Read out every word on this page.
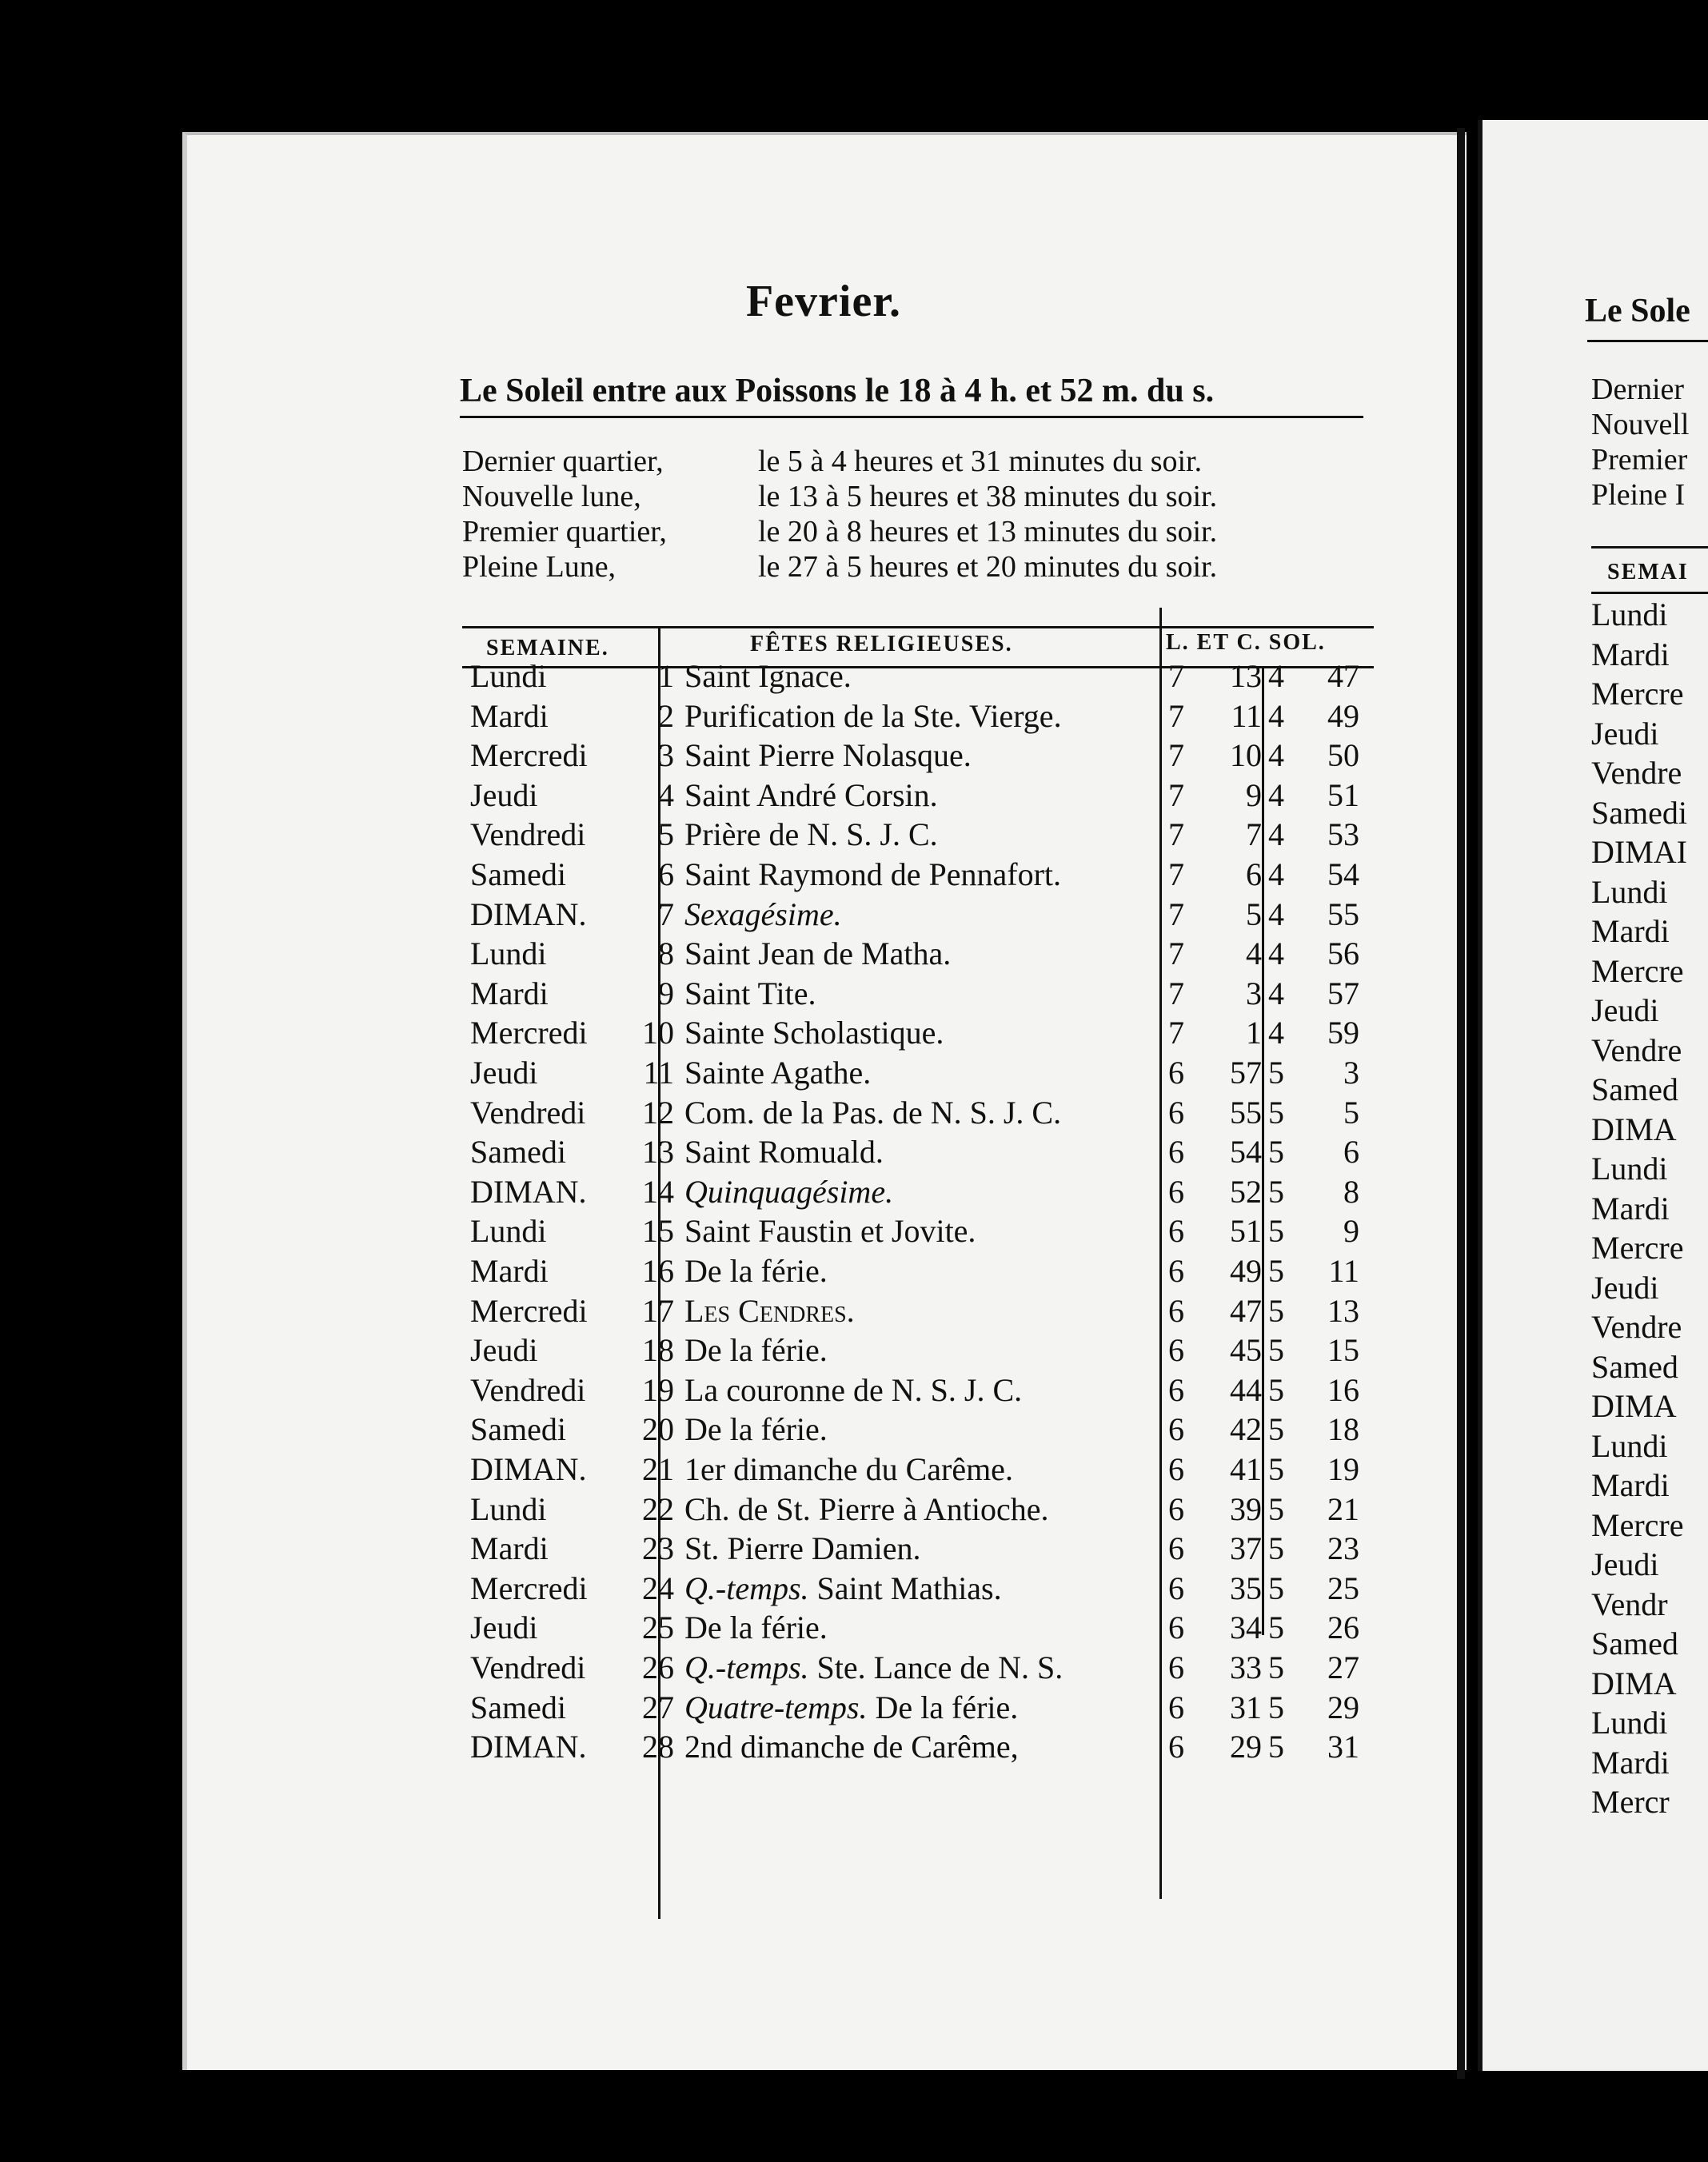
Fevrier.
Le Soleil entre aux Poissons le 18 à 4 h. et 52 m. du s.
Dernier quartier,	le 5 à 4 heures et 31 minutes du soir.
Nouvelle lune,	le 13 à 5 heures et 38 minutes du soir.
Premier quartier,	le 20 à 8 heures et 13 minutes du soir.
Pleine Lune,	le 27 à 5 heures et 20 minutes du soir.
SEMAINE.	FÊTES RELIGIEUSES.	L. ET C. SOL.
Lundi	1 Saint Ignace.	7	13 4	47
Mardi	2 Purification de la Ste. Vierge.	7	11 4	49
Mercredi	3 Saint Pierre Nolasque.	7	10 4	50
Jeudi	4 Saint André Corsin.	7	9 4	51
Vendredi	5 Prière de N. S. J. C.	7	7 4	53
Samedi	6 Saint Raymond de Pennafort.	7	6 4	54
DIMAN.	7 Sexagésime.	7	5 4	55
Lundi	8 Saint Jean de Matha.	7	4 4	56
Mardi	9 Saint Tite.	7	3 4	57
Mercredi	10 Sainte Scholastique.	7	1 4	59
Jeudi	11 Sainte Agathe.	6	57 5	3
Vendredi	12 Com. de la Pas. de N. S. J. C.	6	55 5	5
Samedi	13 Saint Romuald.	6	54 5	6
DIMAN.	14 Quinquagésime.	6	52 5	8
Lundi	15 Saint Faustin et Jovite.	6	51 5	9
Mardi	16 De la férie.	6	49 5	11
Mercredi	17 Les Cendres.	6	47 5	13
Jeudi	18 De la férie.	6	45 5	15
Vendredi	19 La couronne de N. S. J. C.	6	44 5	16
Samedi	20 De la férie.	6	42 5	18
DIMAN.	21 1er dimanche du Carême.	6	41 5	19
Lundi	22 Ch. de St. Pierre à Antioche.	6	39 5	21
Mardi	23 St. Pierre Damien.	6	37 5	23
Mercredi	24 Q.-temps. Saint Mathias.	6	35 5	25
Jeudi	25 De la férie.	6	34 5	26
Vendredi	26 Q.-temps. Ste. Lance de N. S.	6	33 5	27
Samedi	27 Quatre-temps. De la férie.	6	31 5	29
DIMAN.	28 2nd dimanche de Carême,	6	29 5	31
Le Sole
Dernier
Nouvell
Premier
Pleine I
SEMAI
Lundi
Mardi
Mercre
Jeudi
Vendre
Samedi
DIMAI
Lundi
Mardi
Mercre
Jeudi
Vendre
Samed
DIMA
Lundi
Mardi
Mercre
Jeudi
Vendre
Samed
DIMA
Lundi
Mardi
Mercre
Jeudi
Vendr
Samed
DIMA
Lundi
Mardi
Mercr
